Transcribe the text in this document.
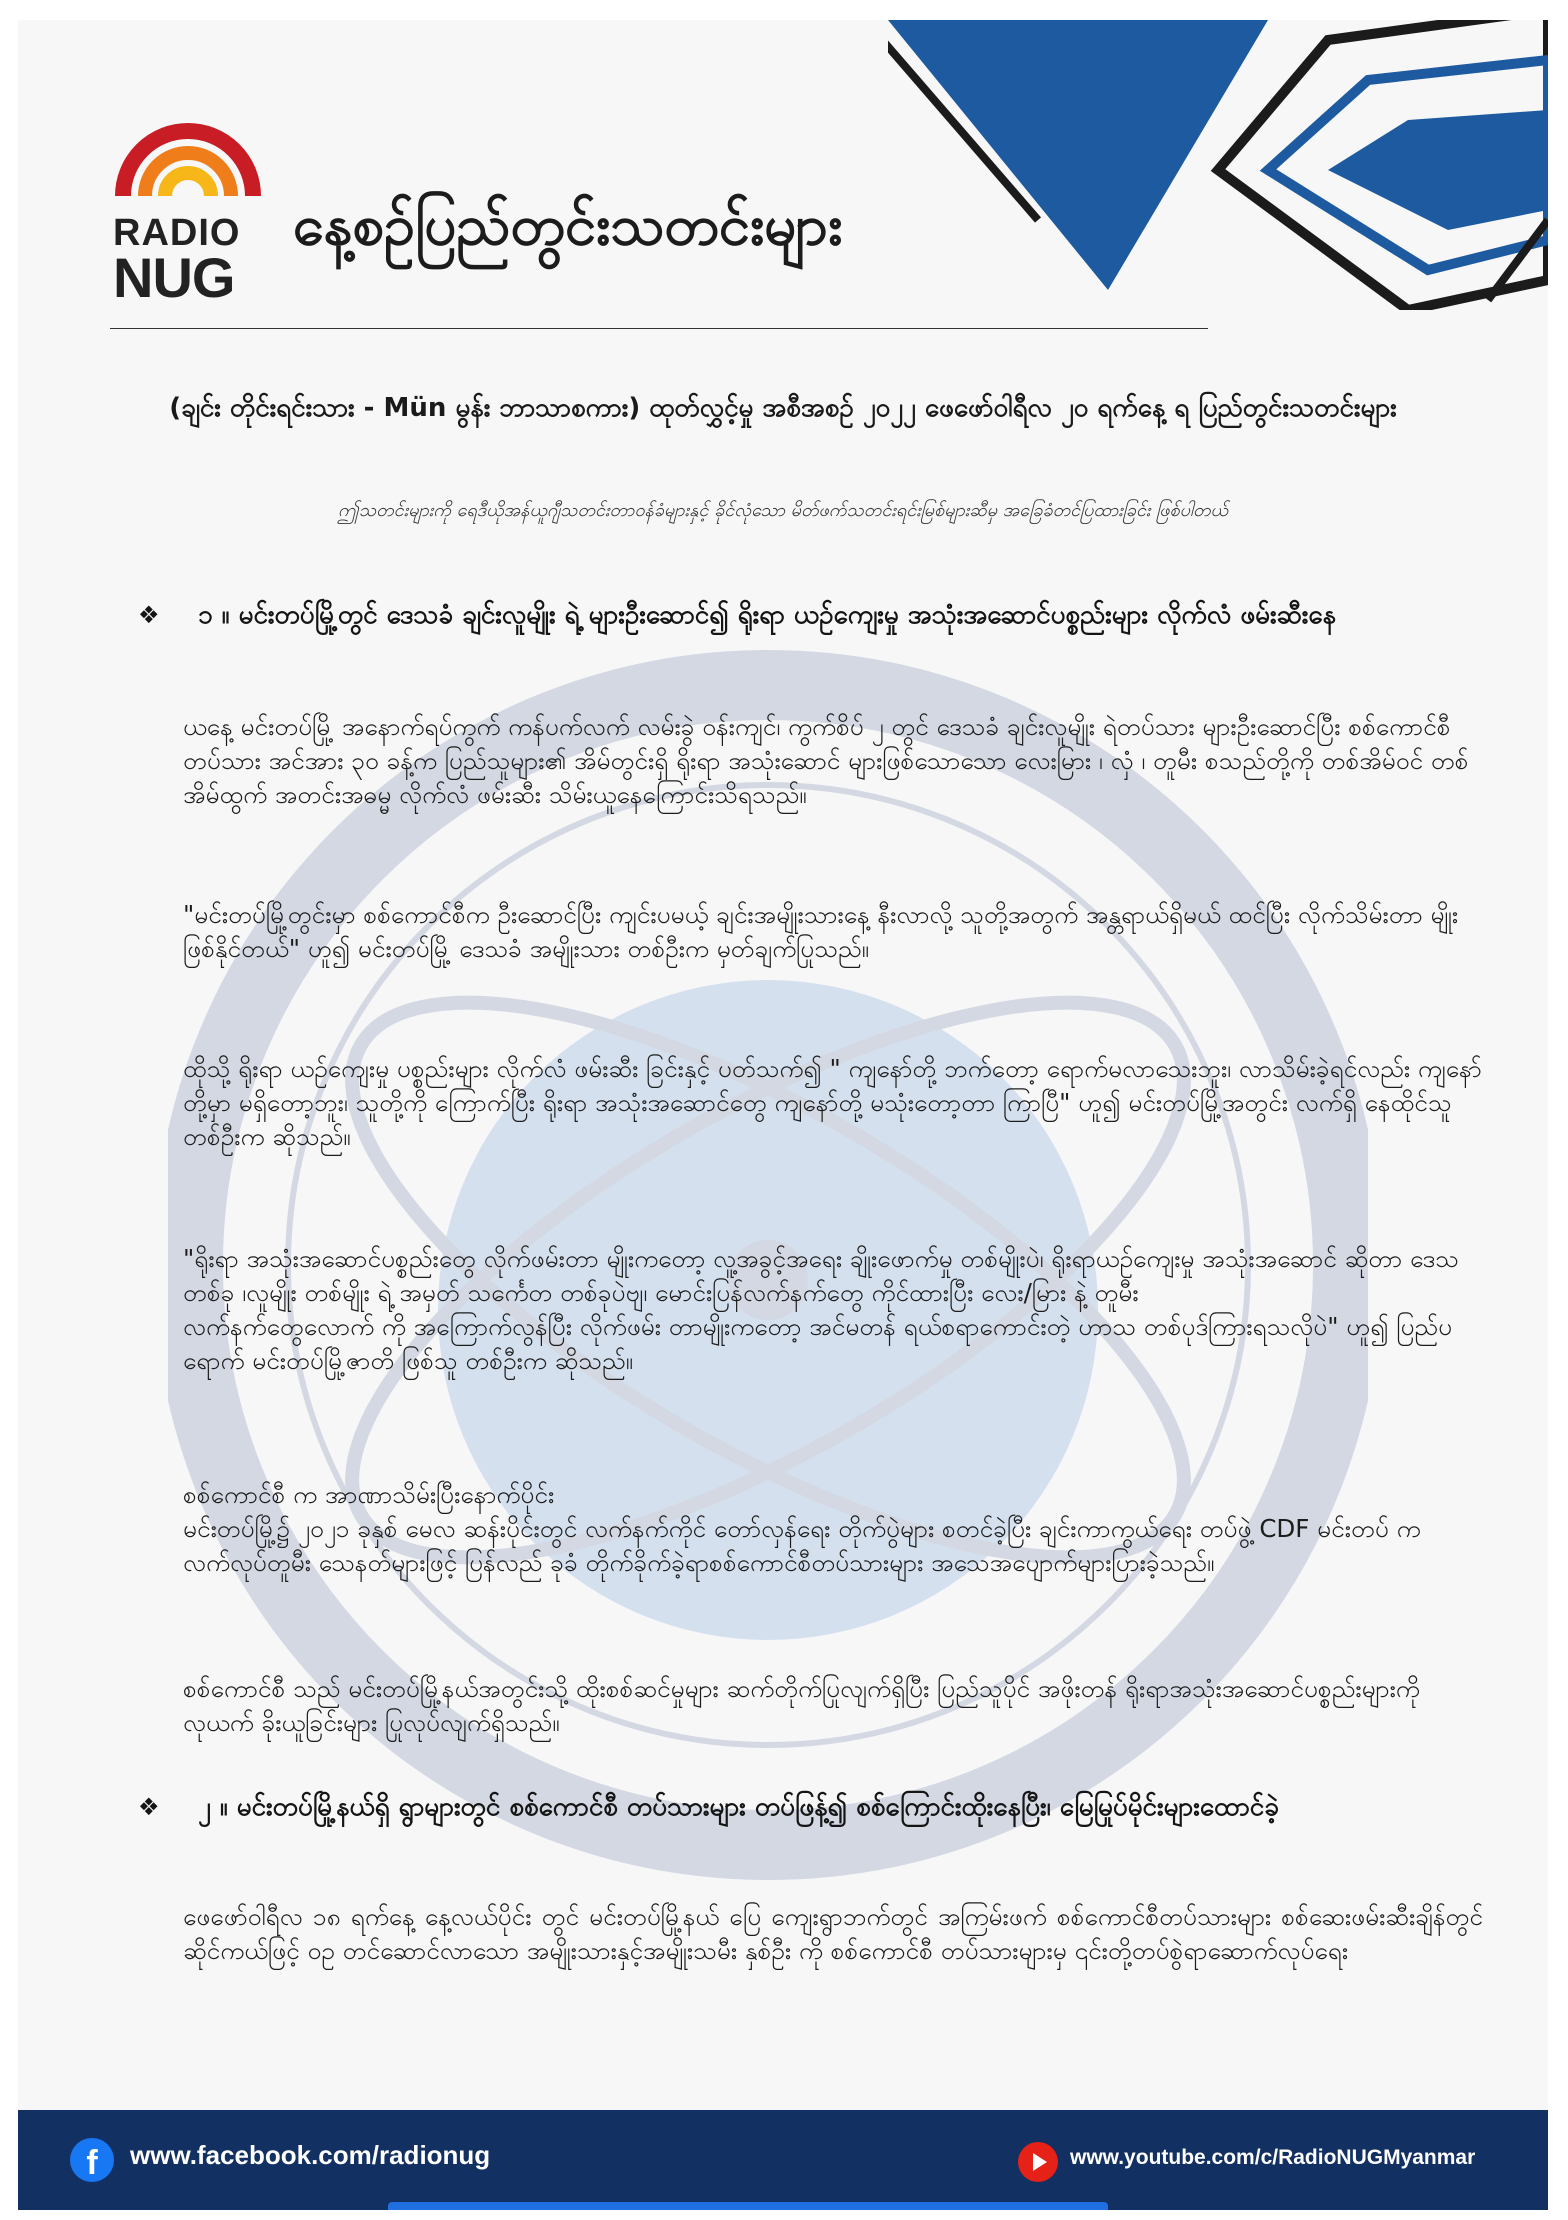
RADIO
NUG
နေ့စဉ်ပြည်တွင်းသတင်းများ
(ချင်း တိုင်းရင်းသား - Mün မွန်း ဘာသာစကား) ထုတ်လွှင့်မှု အစီအစဥ် ၂၀၂၂ ဖေဖော်ဝါရီလ ၂၀ ရက်နေ့ ရ ပြည်တွင်းသတင်းများ
ဤသတင်းများကို ရေဒီယိုအန်ယူဂျီသတင်းတာဝန်ခံများနှင့် ခိုင်လုံသော မိတ်ဖက်သတင်းရင်းမြစ်များဆီမှ အခြေခံတင်ပြထားခြင်း ဖြစ်ပါတယ်
❖ ၁ ။ မင်းတပ်မြို့တွင် ဒေသခံ ချင်းလူမျိုး ရဲ့ များဦးဆောင်၍ ရိုးရာ ယဉ်ကျေးမှု အသုံးအဆောင်ပစ္စည်းများ လိုက်လံ ဖမ်းဆီးနေ
ယနေ့ မင်းတပ်မြို့ အနောက်ရပ်ကွက် ကန်ပက်လက် လမ်းခွဲ ဝန်းကျင်၊ ကွက်စိပ် ၂ တွင် ဒေသခံ ချင်းလူမျိုး ရဲတပ်သား များဦးဆောင်ပြီး စစ်ကောင်စီ တပ်သား အင်အား ၃၀ ခန့်က ပြည်သူများ၏ အိမ်တွင်းရှိ ရိုးရာ အသုံးဆောင် များဖြစ်သောသော လေးမြား ၊ လှံ ၊ တူမီး စသည်တို့ကို တစ်အိမ်ဝင် တစ်အိမ်ထွက် အတင်းအဓမ္မ လိုက်လံ ဖမ်းဆီး သိမ်းယူနေကြောင်းသိရသည်။
"မင်းတပ်မြို့တွင်းမှာ စစ်ကောင်စီက ဦးဆောင်ပြီး ကျင်းပမယ့် ချင်းအမျိုးသားနေ့ နီးလာလို့ သူတို့အတွက် အန္တရာယ်ရှိမယ် ထင်ပြီး လိုက်သိမ်းတာ မျိုး ဖြစ်နိုင်တယ်" ဟူ၍ မင်းတပ်မြို့ ဒေသခံ အမျိုးသား တစ်ဦးက မှတ်ချက်ပြုသည်။
ထိုသို့ ရိုးရာ ယဉ်ကျေးမှု ပစ္စည်းများ လိုက်လံ ဖမ်းဆီး ခြင်းနှင့် ပတ်သက်၍ " ကျနော်တို့ ဘက်တော့ ရောက်မလာသေးဘူး၊ လာသိမ်းခဲ့ရင်လည်း ကျနော်တို့မှာ မရှိတော့ဘူး၊ သူတို့ကို ကြောက်ပြီး ရိုးရာ အသုံးအဆောင်တွေ ကျနော်တို့ မသုံးတော့တာ ကြာပြီ" ဟူ၍ မင်းတပ်မြို့အတွင်း လက်ရှိ နေထိုင်သူတစ်ဦးက ဆိုသည်။
"ရိုးရာ အသုံးအဆောင်ပစ္စည်းတွေ လိုက်ဖမ်းတာ မျိုးကတော့ လူ့အခွင့်အရေး ချိုးဖောက်မှု တစ်မျိုးပဲ၊ ရိုးရာယဉ်ကျေးမှု အသုံးအဆောင် ဆိုတာ ဒေသ တစ်ခု ၊လူမျိုး တစ်မျိုး ရဲ့ အမှတ် သင်္ကေတ တစ်ခုပဲဗျ၊ မောင်းပြန်လက်နက်တွေ ကိုင်ထားပြီး လေး/မြား နဲ့ တူမီး
လက်နက်တွေလောက် ကို အကြောက်လွန်ပြီး လိုက်ဖမ်း တာမျိုးကတော့ အင်မတန် ရယ်စရာကောင်းတဲ့ ဟာသ တစ်ပုဒ်ကြားရသလိုပဲ" ဟူ၍ ပြည်ပရောက် မင်းတပ်မြို့ဇာတိ ဖြစ်သူ တစ်ဦးက ဆိုသည်။
စစ်ကောင်စီ က အာဏာသိမ်းပြီးနောက်ပိုင်း
မင်းတပ်မြို့၌ ၂၀၂၁ ခုနှစ် မေလ ဆန်းပိုင်းတွင် လက်နက်ကိုင် တော်လှန်ရေး တိုက်ပွဲများ စတင်ခဲ့ပြီး ချင်းကာကွယ်ရေး တပ်ဖွဲ့ CDF မင်းတပ် က လက်လုပ်တူမီး သေနတ်များဖြင့် ပြန်လည် ခုခံ တိုက်ခိုက်ခဲ့ရာစစ်ကောင်စီတပ်သားများ အသေအပျောက်များပြားခဲ့သည်။
စစ်ကောင်စီ သည် မင်းတပ်မြို့နယ်အတွင်းသို့ ထိုးစစ်ဆင်မှုများ ဆက်တိုက်ပြုလျက်ရှိပြီး ပြည်သူပိုင် အဖိုးတန် ရိုးရာအသုံးအဆောင်ပစ္စည်းများကို လုယက် ခိုးယူခြင်းများ ပြုလုပ်လျက်ရှိသည်။
❖ ၂ ။ မင်းတပ်မြို့နယ်ရှိ ရွာများတွင် စစ်ကောင်စီ တပ်သားများ တပ်ဖြန့်၍ စစ်ကြောင်းထိုးနေပြီး၊ မြေမြုပ်မိုင်းများထောင်ခဲ့
ဖေဖော်ဝါရီလ ၁၈ ရက်နေ့ နေ့လယ်ပိုင်း တွင် မင်းတပ်မြို့နယ် ပြေ ကျေးရွာဘက်တွင် အကြမ်းဖက် စစ်ကောင်စီတပ်သားများ စစ်ဆေးဖမ်းဆီးချိန်တွင် ဆိုင်ကယ်ဖြင့် ဝဥ တင်ဆောင်လာသော အမျိုးသားနှင့်အမျိုးသမီး နှစ်ဦး ကို စစ်ကောင်စီ တပ်သားများမှ ၎င်းတို့တပ်စွဲရာဆောက်လုပ်ရေး
f	www.facebook.com/radionug	www.youtube.com/c/RadioNUGMyanmar
